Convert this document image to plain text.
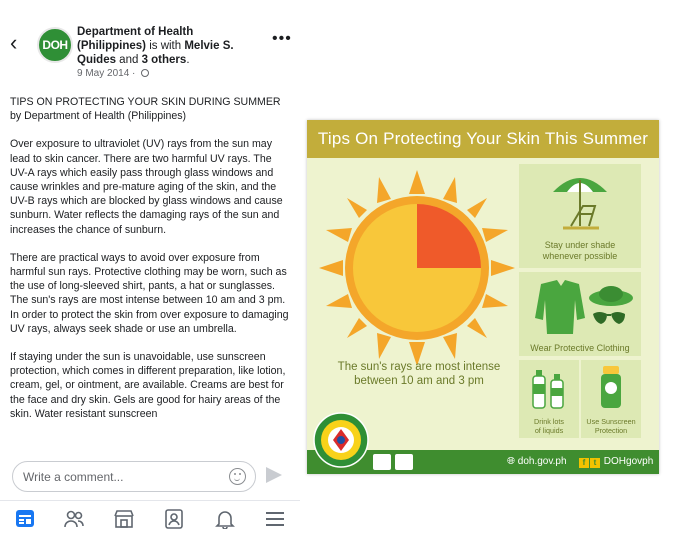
‹	DOH
Department of Health
(Philippines) is with Melvie S. Quides and 3 others.
9 May 2014 ·
•••

TIPS ON PROTECTING YOUR SKIN DURING SUMMER
by Department of Health (Philippines)

Over exposure to ultraviolet (UV) rays from the sun may lead to skin cancer. There are two harmful UV rays. The UV-A rays which easily pass through glass windows and cause wrinkles and pre-mature aging of the skin, and the UV-B rays which are blocked by glass windows and cause sunburn. Water reflects the damaging rays of the sun and increases the chance of sunburn.

There are practical ways to avoid over exposure from harmful sun rays. Protective clothing may be worn, such as the use of long-sleeved shirt, pants, a hat or sunglasses. The sun's rays are most intense between 10 am and 3 pm. In order to protect the skin from over exposure to damaging UV rays, always seek shade or use an umbrella.

If staying under the sun is unavoidable, use sunscreen protection, which comes in different preparation, like lotion, cream, gel, or ointment, are available. Creams are best for the face and dry skin. Gels are good for hairy areas of the skin. Water resistant sunscreen

Write a comment...
Tips On Protecting Your Skin This Summer
The sun's rays are most intense
between 10 am and 3 pm
Stay under shade
whenever possible
Wear Protective Clothing
Drink lots
of liquids
Use Sunscreen
Protection
🌐︎ doh.gov.ph	f t DOHgovph
